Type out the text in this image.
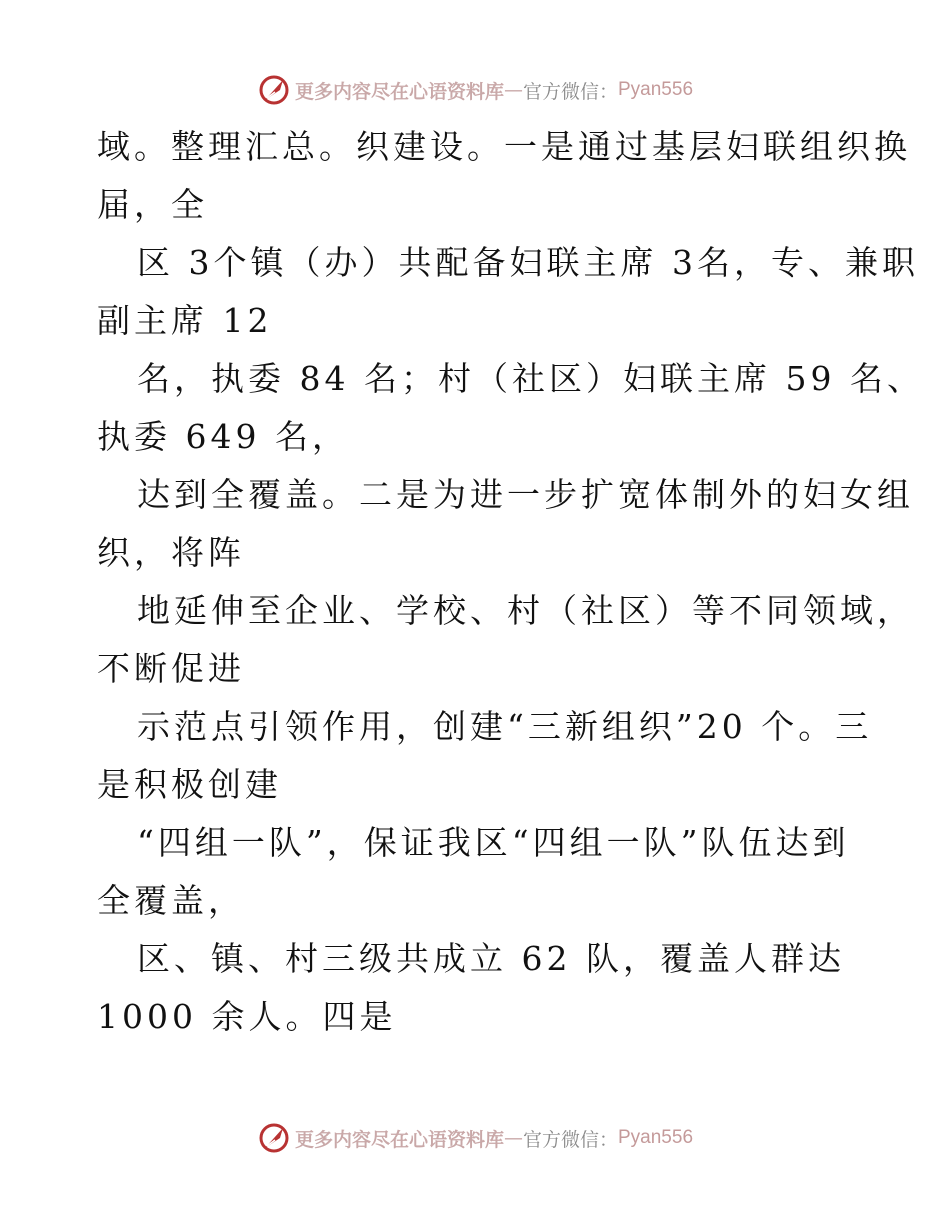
更多内容尽在心语资料库 — 官方微信： Pyan556
域。整理汇总。织建设。一是通过基层妇联组织换
届，全
区 3个镇（办）共配备妇联主席 3名，专、兼职
副主席 12
名，执委 84 名；村（社区）妇联主席 59 名、
执委 649 名，
达到全覆盖。二是为进一步扩宽体制外的妇女组
织，将阵
地延伸至企业、学校、村（社区）等不同领域，
不断促进
示范点引领作用，创建“三新组织”20 个。三
是积极创建
“四组一队”，保证我区“四组一队”队伍达到
全覆盖，
区、镇、村三级共成立 62 队，覆盖人群达
1000 余人。四是
更多内容尽在心语资料库 — 官方微信： Pyan556
